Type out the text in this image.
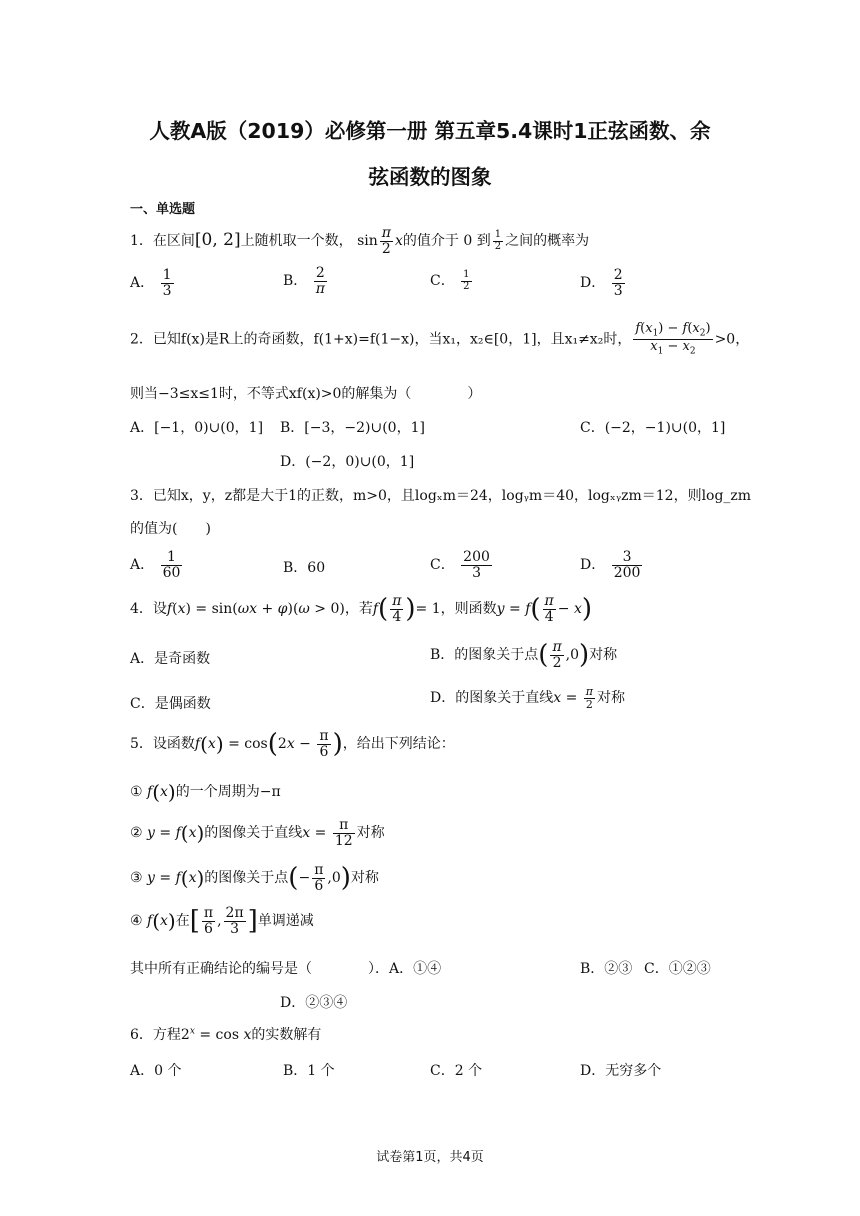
人教A版（2019）必修第一册 第五章5.4课时1正弦函数、余
弦函数的图象
一、单选题
1．在区间[0, 2]上随机取一个数， $\sin \frac{\pi}{2}$ x的值介于 0 到 $\frac{1}{2}$ 之间的概率为
A． $\frac{1}{3}$	B． $\frac{2}{\pi}$	C． $\frac{1}{2}$	D． $\frac{2}{3}$
2．已知f(x)是R上的奇函数，f(1+x)=f(1−x)，当x₁，x₂∈[0，1]，且x₁≠x₂时， $\frac{f(x_1) - f(x_2)}{x_1 - x_2} >0$，
则当−3≤x≤1时，不等式xf(x)>0的解集为（　　　　）
A．[−1，0)∪(0，1] B．[−3，−2)∪(0，1]	C．(−2，−1)∪(0，1]
D．(−2，0)∪(0，1]
3．已知x，y，z都是大于1的正数，m>0，且logₓm＝24，logᵧm＝40，logₓᵧzm＝12，则log_zm
的值为(　　)
A． $\frac{1}{60}$	B．60	C． $\frac{200}{3}$	D． $\frac{3}{200}$
4．设f(x) = sin(ωx + φ)(ω > 0)，若$f( \frac{\pi}{4}$ )= 1，则函数$y = f( \frac{\pi}{4} - x)$
A．是奇函数	B．的图象关于点( $\frac{\pi}{2} ,0$)对称
C．是偶函数	D．的图象关于直线$x = \frac{\pi}{2}$ 对称
5．设函数$f(x) = \cos(2x - \frac{\pi}{6}$ )，给出下列结论：
① f(x)的一个周期为−π
② y = f(x)的图像关于直线$x = \frac{\pi}{12}$ 对称
③ y = f(x)的图像关于点(− $\frac{\pi}{6} ,0$)对称
④ f(x)在[ $\frac{\pi}{6}$ , $\frac{2\pi}{3}$ ]单调递减
其中所有正确结论的编号是（　　　　）．A．①④	B．②③ C．①②③
D．②③④
6．方程$2^x = \cos x$的实数解有
A．0 个	B．1 个	C．2 个	D．无穷多个
试卷第1页，共4页
